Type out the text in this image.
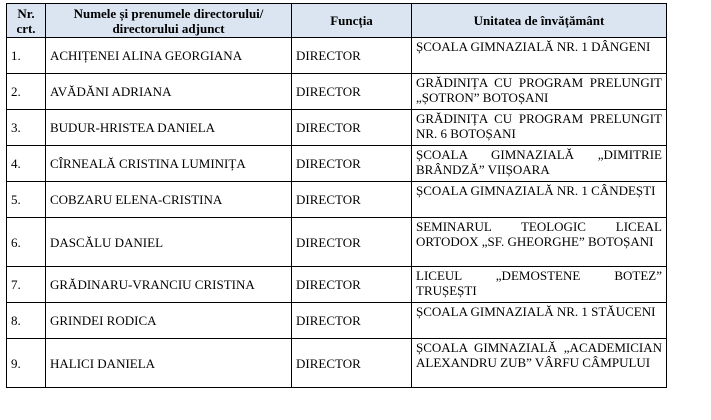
Nr. crt.	Numele și prenumele directorului/ directorului adjunct	Funcția	Unitatea de învățământ
1.	ACHIȚENEI ALINA GEORGIANA	DIRECTOR	ȘCOALA GIMNAZIALĂ NR. 1 DÂNGENI
2.	AVĂDĂNI ADRIANA	DIRECTOR	GRĂDINIȚA CU PROGRAM PRELUNGIT „ȘOTRON” BOTOȘANI
3.	BUDUR-HRISTEA DANIELA	DIRECTOR	GRĂDINIȚA CU PROGRAM PRELUNGIT NR. 6 BOTOȘANI
4.	CÎRNEALĂ CRISTINA LUMINIȚA	DIRECTOR	ȘCOALA GIMNAZIALĂ „DIMITRIE BRÂNDZĂ” VIIȘOARA
5.	COBZARU ELENA-CRISTINA	DIRECTOR	ȘCOALA GIMNAZIALĂ NR. 1 CÂNDEȘTI
6.	DASCĂLU DANIEL	DIRECTOR	SEMINARUL TEOLOGIC LICEAL ORTODOX „SF. GHEORGHE” BOTOȘANI
7.	GRĂDINARU-VRANCIU CRISTINA	DIRECTOR	LICEUL „DEMOSTENE BOTEZ” TRUȘEȘTI
8.	GRINDEI RODICA	DIRECTOR	ȘCOALA GIMNAZIALĂ NR. 1 STĂUCENI
9.	HALICI DANIELA	DIRECTOR	ȘCOALA GIMNAZIALĂ „ACADEMICIAN ALEXANDRU ZUB” VÂRFU CÂMPULUI
